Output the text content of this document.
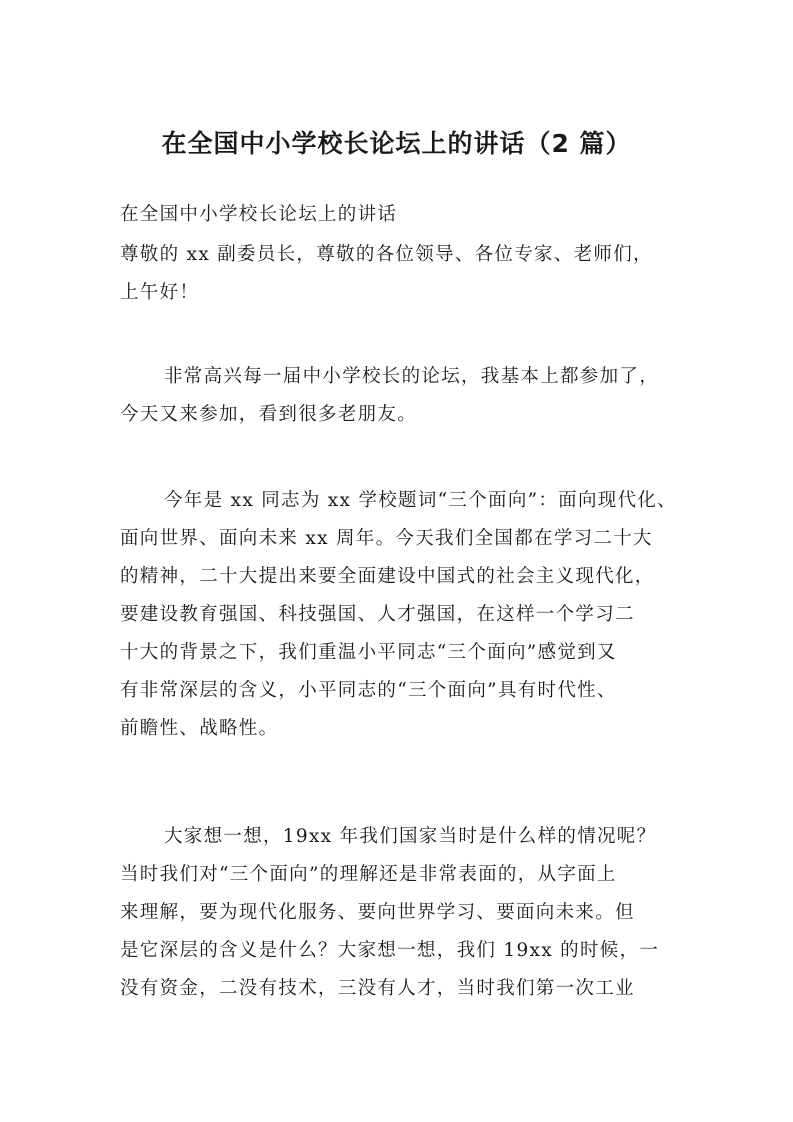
在全国中小学校长论坛上的讲话（2 篇）
在全国中小学校长论坛上的讲话
尊敬的 xx 副委员长，尊敬的各位领导、各位专家、老师们，
上午好！
非常高兴每一届中小学校长的论坛，我基本上都参加了，
今天又来参加，看到很多老朋友。
今年是 xx 同志为 xx 学校题词“三个面向”：面向现代化、
面向世界、面向未来 xx 周年。今天我们全国都在学习二十大
的精神，二十大提出来要全面建设中国式的社会主义现代化，
要建设教育强国、科技强国、人才强国，在这样一个学习二
十大的背景之下，我们重温小平同志“三个面向”感觉到又
有非常深层的含义，小平同志的“三个面向”具有时代性、
前瞻性、战略性。
大家想一想，19xx 年我们国家当时是什么样的情况呢？
当时我们对“三个面向”的理解还是非常表面的，从字面上
来理解，要为现代化服务、要向世界学习、要面向未来。但
是它深层的含义是什么？大家想一想，我们 19xx 的时候，一
没有资金，二没有技术，三没有人才，当时我们第一次工业
